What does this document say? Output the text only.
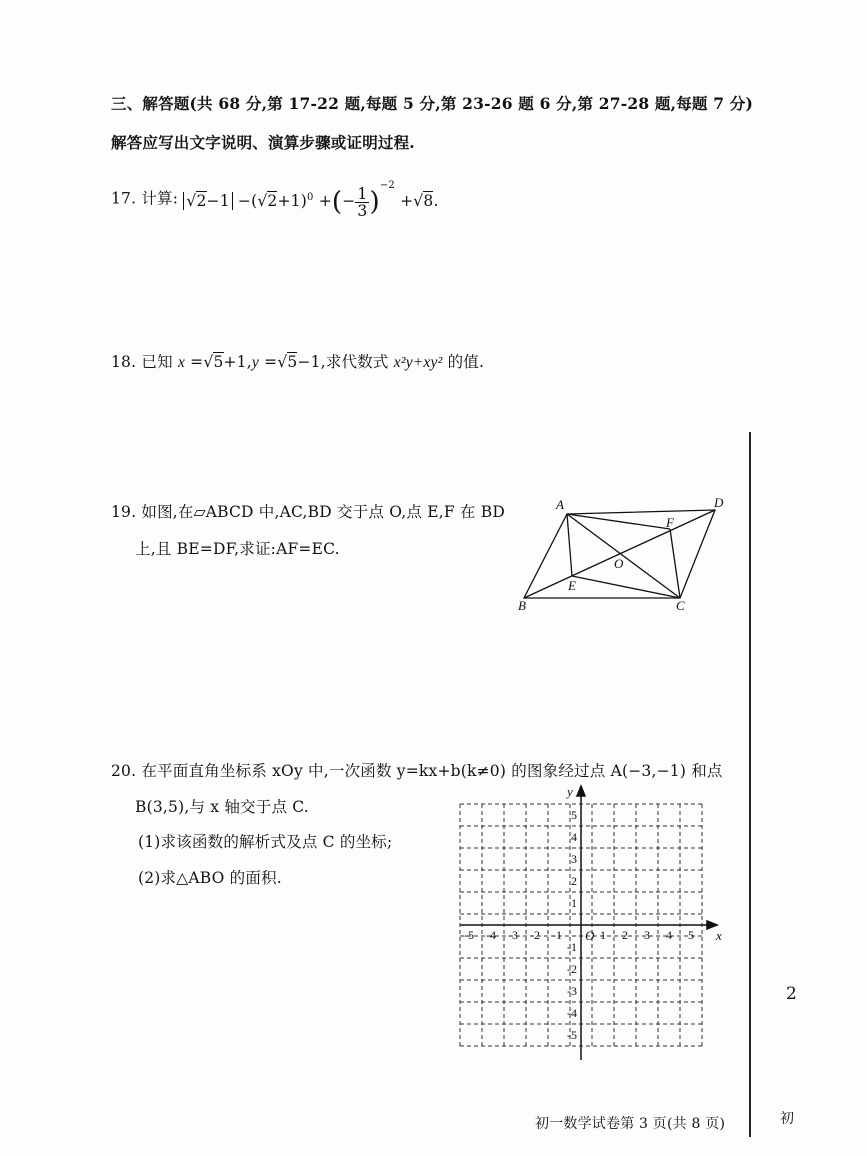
三、解答题(共 68 分,第 17-22 题,每题 5 分,第 23-26 题 6 分,第 27-28 题,每题 7 分)
解答应写出文字说明、演算步骤或证明过程.
17. 计算: $√2-1 -(√2+1)^0$ +(− $\frac{1}{3} )^{-2} +√8$.
18. 已知 x =√5+1,y =√5−1,求代数式 x²y+xy² 的值.
19. 如图,在▱ABCD 中,AC,BD 交于点 O,点 E,F 在 BD
上,且 BE=DF,求证:AF=EC.
A	D
F
O
E
B	C
20. 在平面直角坐标系 xOy 中,一次函数 y=kx+b(k≠0) 的图象经过点 A(−3,−1) 和点
B(3,5),与 x 轴交于点 C.
(1)求该函数的解析式及点 C 的坐标;
(2)求△ABO 的面积.
x
y
O
-5 -4 -3 -2 -1	1 2 3 4 5
5
4
3
2
1
-1
-2
-3
-4
-5
2
初
初一数学试卷第 3 页(共 8 页)
